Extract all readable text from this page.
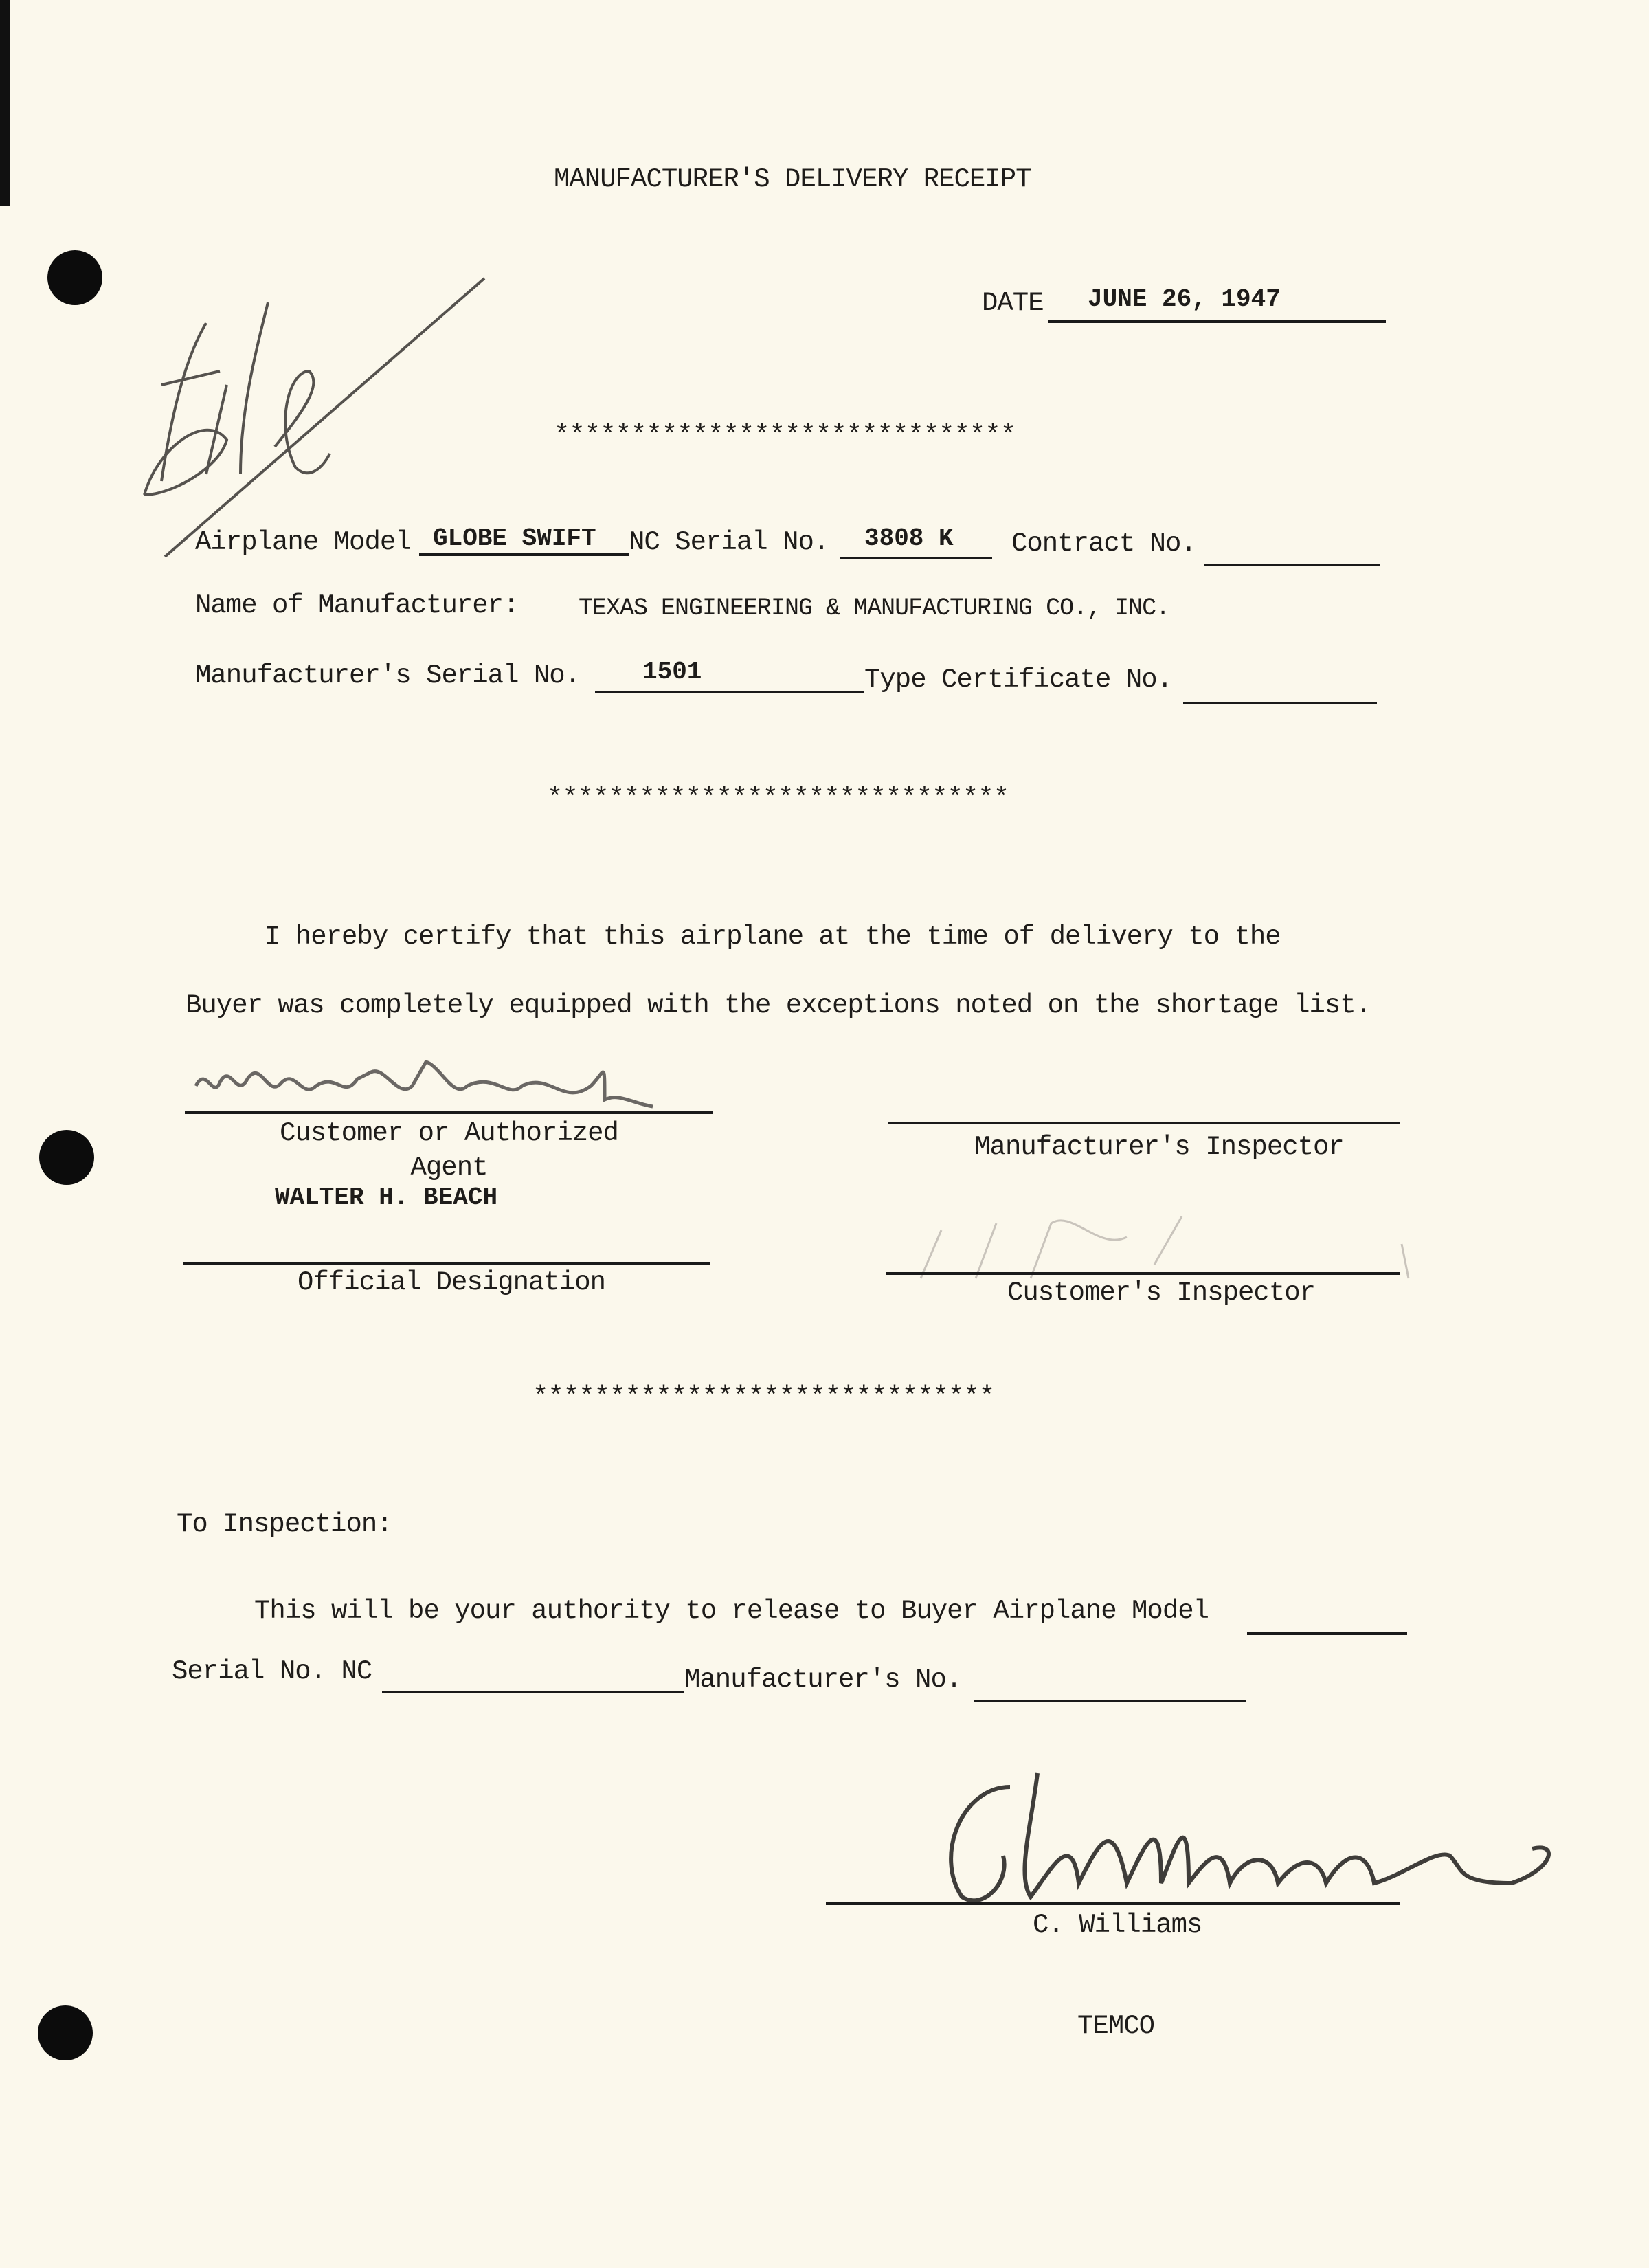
MANUFACTURER'S DELIVERY RECEIPT
DATE JUNE 26, 1947
******************************
Airplane Model GLOBE SWIFT NC Serial No. 3808 K Contract No.
Name of Manufacturer:	TEXAS ENGINEERING & MANUFACTURING CO., INC.
Manufacturer's Serial No.	1501	Type Certificate No.
******************************
I hereby certify that this airplane at the time of delivery to the
Buyer was completely equipped with the exceptions noted on the shortage list.
Customer or Authorized
Agent
WALTER H. BEACH
Manufacturer's Inspector
Official Designation	Customer's Inspector
******************************
To Inspection:
This will be your authority to release to Buyer Airplane Model
Serial No. NC	Manufacturer's No.
C. Williams
TEMCO
